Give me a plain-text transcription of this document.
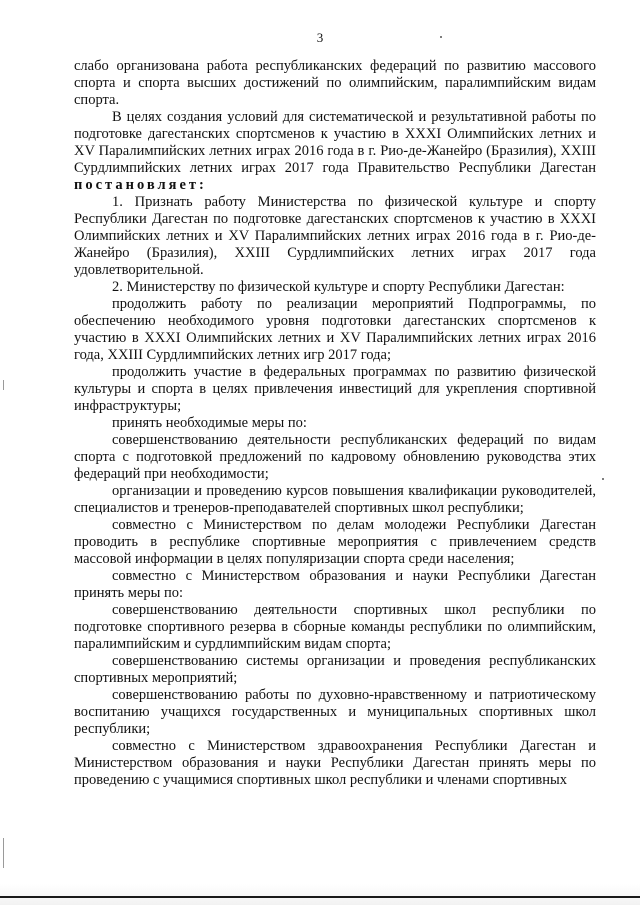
3

слабо организована работа республиканских федераций по развитию массового спорта и спорта высших достижений по олимпийским, паралимпийским видам спорта.

В целях создания условий для систематической и результативной работы по подготовке дагестанских спортсменов к участию в XXXI Олимпийских летних и XV Паралимпийских летних играх 2016 года в г. Рио-де-Жанейро (Бразилия), XXIII Сурдлимпийских летних играх 2017 года Правительство Республики Дагестан постановляет:

1. Признать работу Министерства по физической культуре и спорту Республики Дагестан по подготовке дагестанских спортсменов к участию в XXXI Олимпийских летних и XV Паралимпийских летних играх 2016 года в г. Рио-де-Жанейро (Бразилия), XXIII Сурдлимпийских летних играх 2017 года удовлетворительной.

2. Министерству по физической культуре и спорту Республики Дагестан:

продолжить работу по реализации мероприятий Подпрограммы, по обеспечению необходимого уровня подготовки дагестанских спортсменов к участию в XXXI Олимпийских летних и XV Паралимпийских летних играх 2016 года, XXIII Сурдлимпийских летних игр 2017 года;

продолжить участие в федеральных программах по развитию физической культуры и спорта в целях привлечения инвестиций для укрепления спортивной инфраструктуры;

принять необходимые меры по:

совершенствованию деятельности республиканских федераций по видам спорта с подготовкой предложений по кадровому обновлению руководства этих федераций при необходимости;

организации и проведению курсов повышения квалификации руководителей, специалистов и тренеров-преподавателей спортивных школ республики;

совместно с Министерством по делам молодежи Республики Дагестан проводить в республике спортивные мероприятия с привлечением средств массовой информации в целях популяризации спорта среди населения;

совместно с Министерством образования и науки Республики Дагестан принять меры по:

совершенствованию деятельности спортивных школ республики по подготовке спортивного резерва в сборные команды республики по олимпийским, паралимпийским и сурдлимпийским видам спорта;

совершенствованию системы организации и проведения республиканских спортивных мероприятий;

совершенствованию работы по духовно-нравственному и патриотическому воспитанию учащихся государственных и муниципальных спортивных школ республики;

совместно с Министерством здравоохранения Республики Дагестан и Министерством образования и науки Республики Дагестан принять меры по проведению с учащимися спортивных школ республики и членами спортивных
